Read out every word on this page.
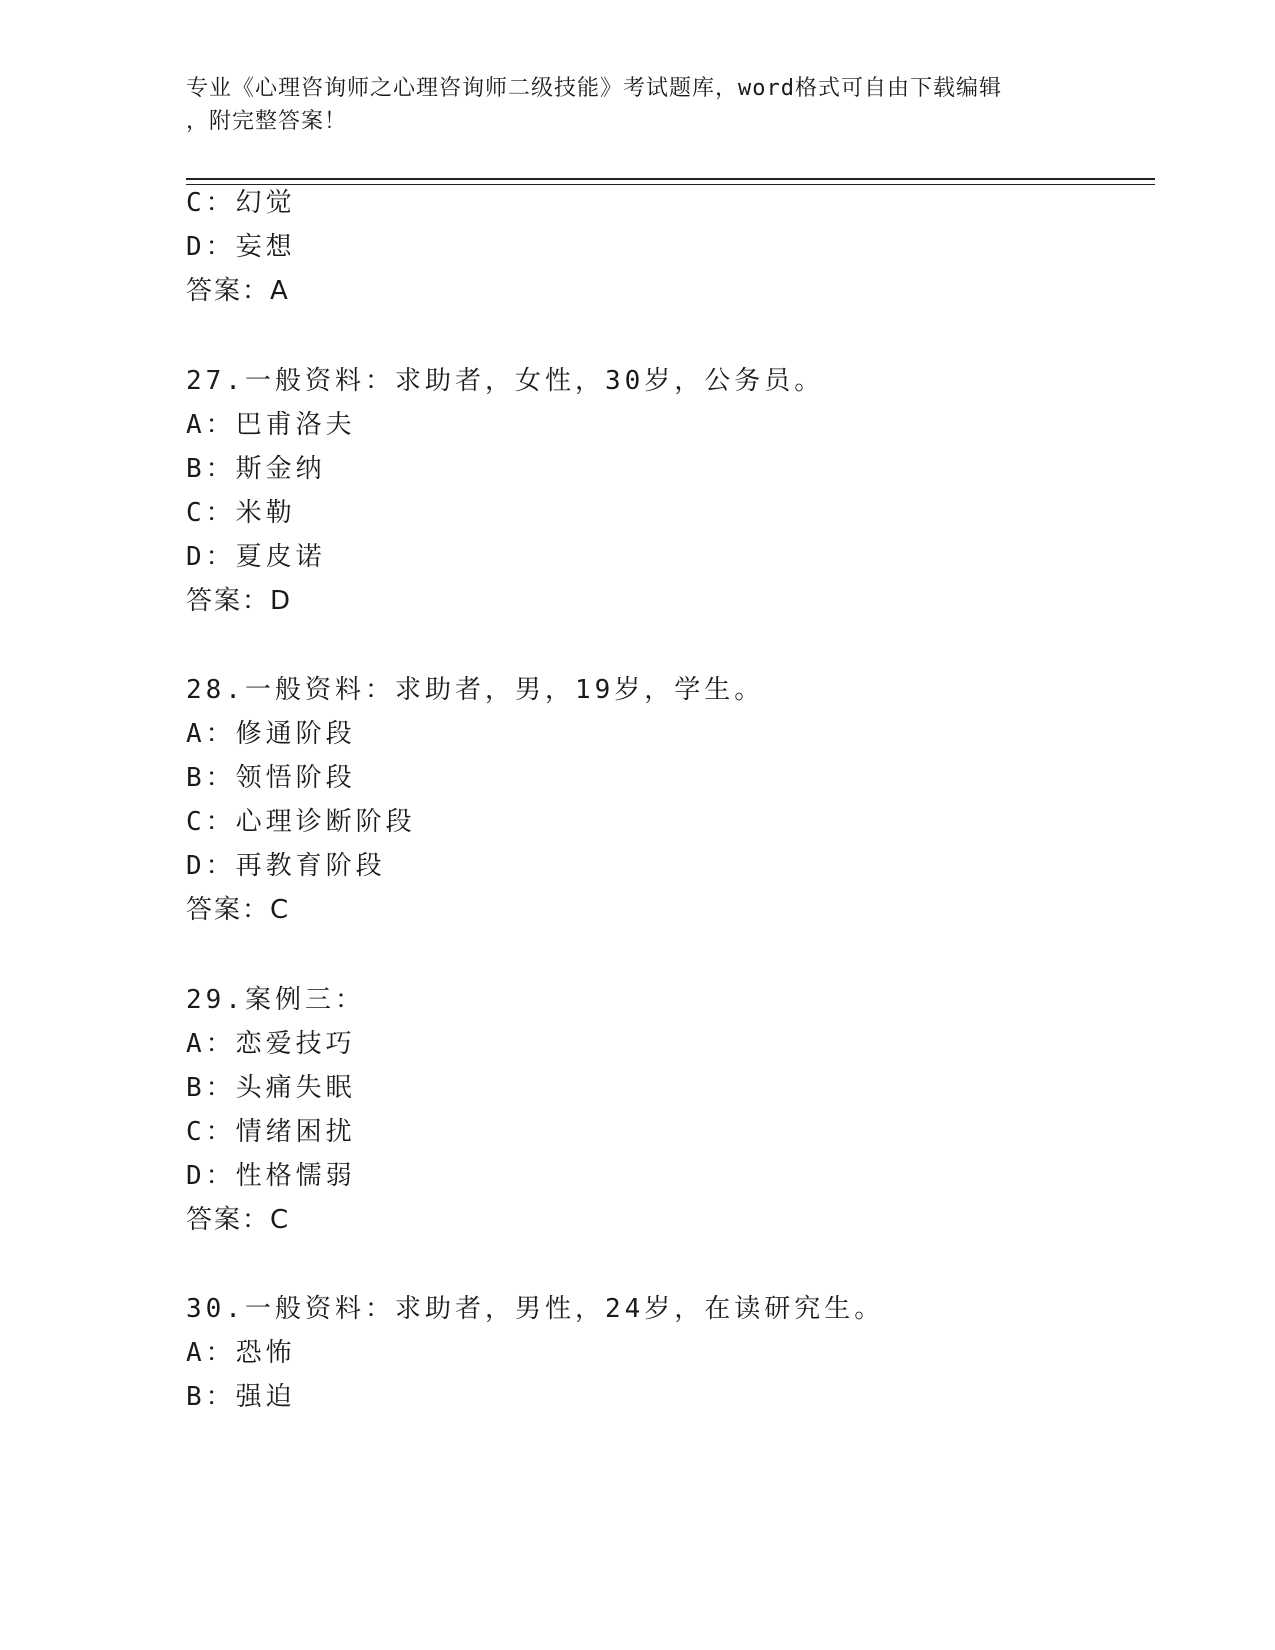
专业《心理咨询师之心理咨询师二级技能》考试题库，word格式可自由下载编辑
，附完整答案！
C：幻觉
D：妄想
答案：A
27.一般资料：求助者，女性，30岁，公务员。
A：巴甫洛夫
B：斯金纳
C：米勒
D：夏皮诺
答案：D
28.一般资料：求助者，男，19岁，学生。
A：修通阶段
B：领悟阶段
C：心理诊断阶段
D：再教育阶段
答案：C
29.案例三：
A：恋爱技巧
B：头痛失眠
C：情绪困扰
D：性格懦弱
答案：C
30.一般资料：求助者，男性，24岁，在读研究生。
A：恐怖
B：强迫
